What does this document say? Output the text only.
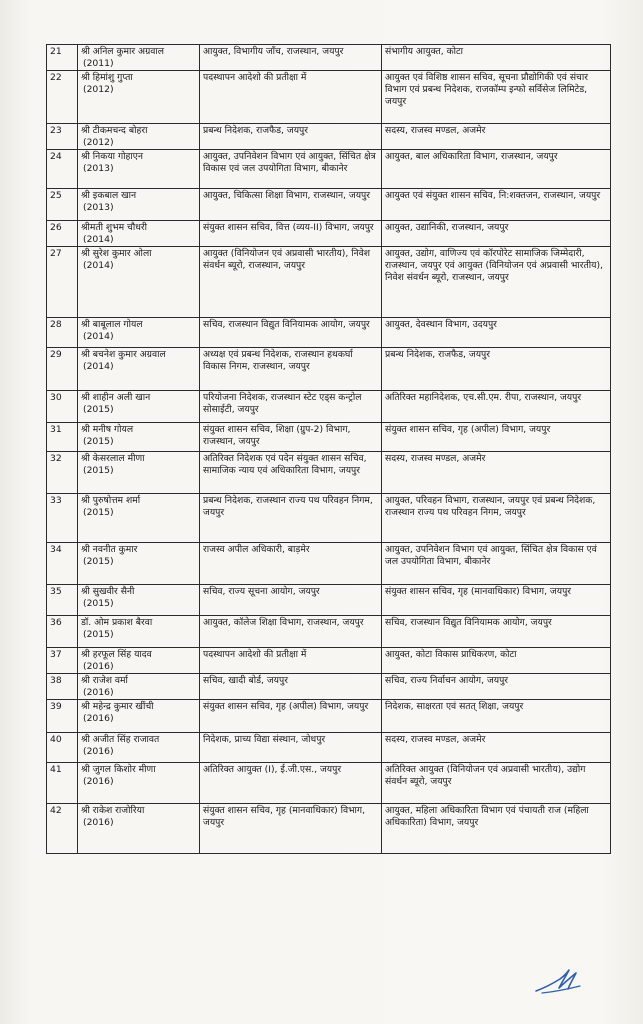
21	श्री अनिल कुमार अग्रवाल
(2011)	आयुक्त, विभागीय जाँच, राजस्थान, जयपुर	संभागीय आयुक्त, कोटा
22	श्री हिमांशु गुप्ता
(2012)	पदस्थापन आदेशो की प्रतीक्षा में	आयुक्त एवं विशिष्ठ शासन सचिव, सूचना प्रौद्योगिकी एवं संचार विभाग एवं प्रबन्ध निदेशक, राजकॉम्प इन्फो सर्विसेज लिमिटेड, जयपुर
23	श्री टीकमचन्द बोहरा
(2012)	प्रबन्ध निदेशक, राजफैड, जयपुर	सदस्य, राजस्व मण्डल, अजमेर
24	श्री निकया गोहाएन
(2013)	आयुक्त, उपनिवेशन विभाग एवं आयुक्त, सिंचित क्षेत्र विकास एवं जल उपयोगिता विभाग, बीकानेर	आयुक्त, बाल अधिकारिता विभाग, राजस्थान, जयपुर
25	श्री इकबाल खान
(2013)	आयुक्त, चिकित्सा शिक्षा विभाग, राजस्थान, जयपुर	आयुक्त एवं संयुक्त शासन सचिव, नि:शक्तजन, राजस्थान, जयपुर
26	श्रीमती शुभम चौधरी
(2014)	संयुक्त शासन सचिव, वित्त (व्यय-II) विभाग, जयपुर	आयुक्त, उद्यानिकी, राजस्थान, जयपुर
27	श्री सुरेश कुमार ओला
(2014)	आयुक्त (विनियोजन एवं अप्रवासी भारतीय), निवेश संवर्धन ब्यूरो, राजस्थान, जयपुर	आयुक्त, उद्योग, वाणिज्य एवं कॉरपोरेट सामाजिक जिम्मेदारी, राजस्थान, जयपुर एवं आयुक्त (विनियोजन एवं अप्रवासी भारतीय), निवेश संवर्धन ब्यूरो, राजस्थान, जयपुर
28	श्री बाबूलाल गोयल
(2014)	सचिव, राजस्थान विद्युत विनियामक आयोग, जयपुर	आयुक्त, देवस्थान विभाग, उदयपुर
29	श्री बचनेश कुमार अग्रवाल
(2014)	अध्यक्ष एवं प्रबन्ध निदेशक, राजस्थान हथकर्घा विकास निगम, राजस्थान, जयपुर	प्रबन्ध निदेशक, राजफैड, जयपुर
30	श्री शाहीन अली खान
(2015)	परियोजना निदेशक, राजस्थान स्टेट एड्स कन्ट्रोल सोसाईटी, जयपुर	अतिरिक्त महानिदेशक, एच.सी.एम. रीपा, राजस्थान, जयपुर
31	श्री मनीष गोयल
(2015)	संयुक्त शासन सचिव, शिक्षा (ग्रुप-2) विभाग, राजस्थान, जयपुर	संयुक्त शासन सचिव, गृह (अपील) विभाग, जयपुर
32	श्री केसरलाल मीणा
(2015)	अतिरिक्त निदेशक एवं पदेन संयुक्त शासन सचिव, सामाजिक न्याय एवं अधिकारिता विभाग, जयपुर	सदस्य, राजस्व मण्डल, अजमेर
33	श्री पुरुषोत्तम शर्मा
(2015)	प्रबन्ध निदेशक, राजस्थान राज्य पथ परिवहन निगम, जयपुर	आयुक्त, परिवहन विभाग, राजस्थान, जयपुर एवं प्रबन्ध निदेशक, राजस्थान राज्य पथ परिवहन निगम, जयपुर
34	श्री नवनीत कुमार
(2015)	राजस्व अपील अधिकारी, बाड़मेर	आयुक्त, उपनिवेशन विभाग एवं आयुक्त, सिंचित क्षेत्र विकास एवं जल उपयोगिता विभाग, बीकानेर
35	श्री सुखवीर सैनी
(2015)	सचिव, राज्य सूचना आयोग, जयपुर	संयुक्त शासन सचिव, गृह (मानवाधिकार) विभाग, जयपुर
36	डॉ. ओम प्रकाश बैरवा
(2015)	आयुक्त, कॉलेज शिक्षा विभाग, राजस्थान, जयपुर	सचिव, राजस्थान विद्युत विनियामक आयोग, जयपुर
37	श्री हरफूल सिंह यादव
(2016)	पदस्थापन आदेशो की प्रतीक्षा में	आयुक्त, कोटा विकास प्राधिकरण, कोटा
38	श्री राजेश वर्मा
(2016)	सचिव, खादी बोर्ड, जयपुर	सचिव, राज्य निर्वाचन आयोग, जयपुर
39	श्री महेन्द्र कुमार खींची
(2016)	संयुक्त शासन सचिव, गृह (अपील) विभाग, जयपुर	निदेशक, साक्षरता एवं सतत् शिक्षा, जयपुर
40	श्री अजीत सिंह राजावत
(2016)	निदेशक, प्राच्य विद्या संस्थान, जोधपुर	सदस्य, राजस्व मण्डल, अजमेर
41	श्री जुगल किशोर मीणा
(2016)	अतिरिक्त आयुक्त (I), ई.जी.एस., जयपुर	अतिरिक्त आयुक्त (विनियोजन एवं अप्रवासी भारतीय), उद्योग संवर्धन ब्यूरो, जयपुर
42	श्री राकेश राजोरिया
(2016)	संयुक्त शासन सचिव, गृह (मानवाधिकार) विभाग, जयपुर	आयुक्त, महिला अधिकारिता विभाग एवं पंचायती राज (महिला अधिकारिता) विभाग, जयपुर
